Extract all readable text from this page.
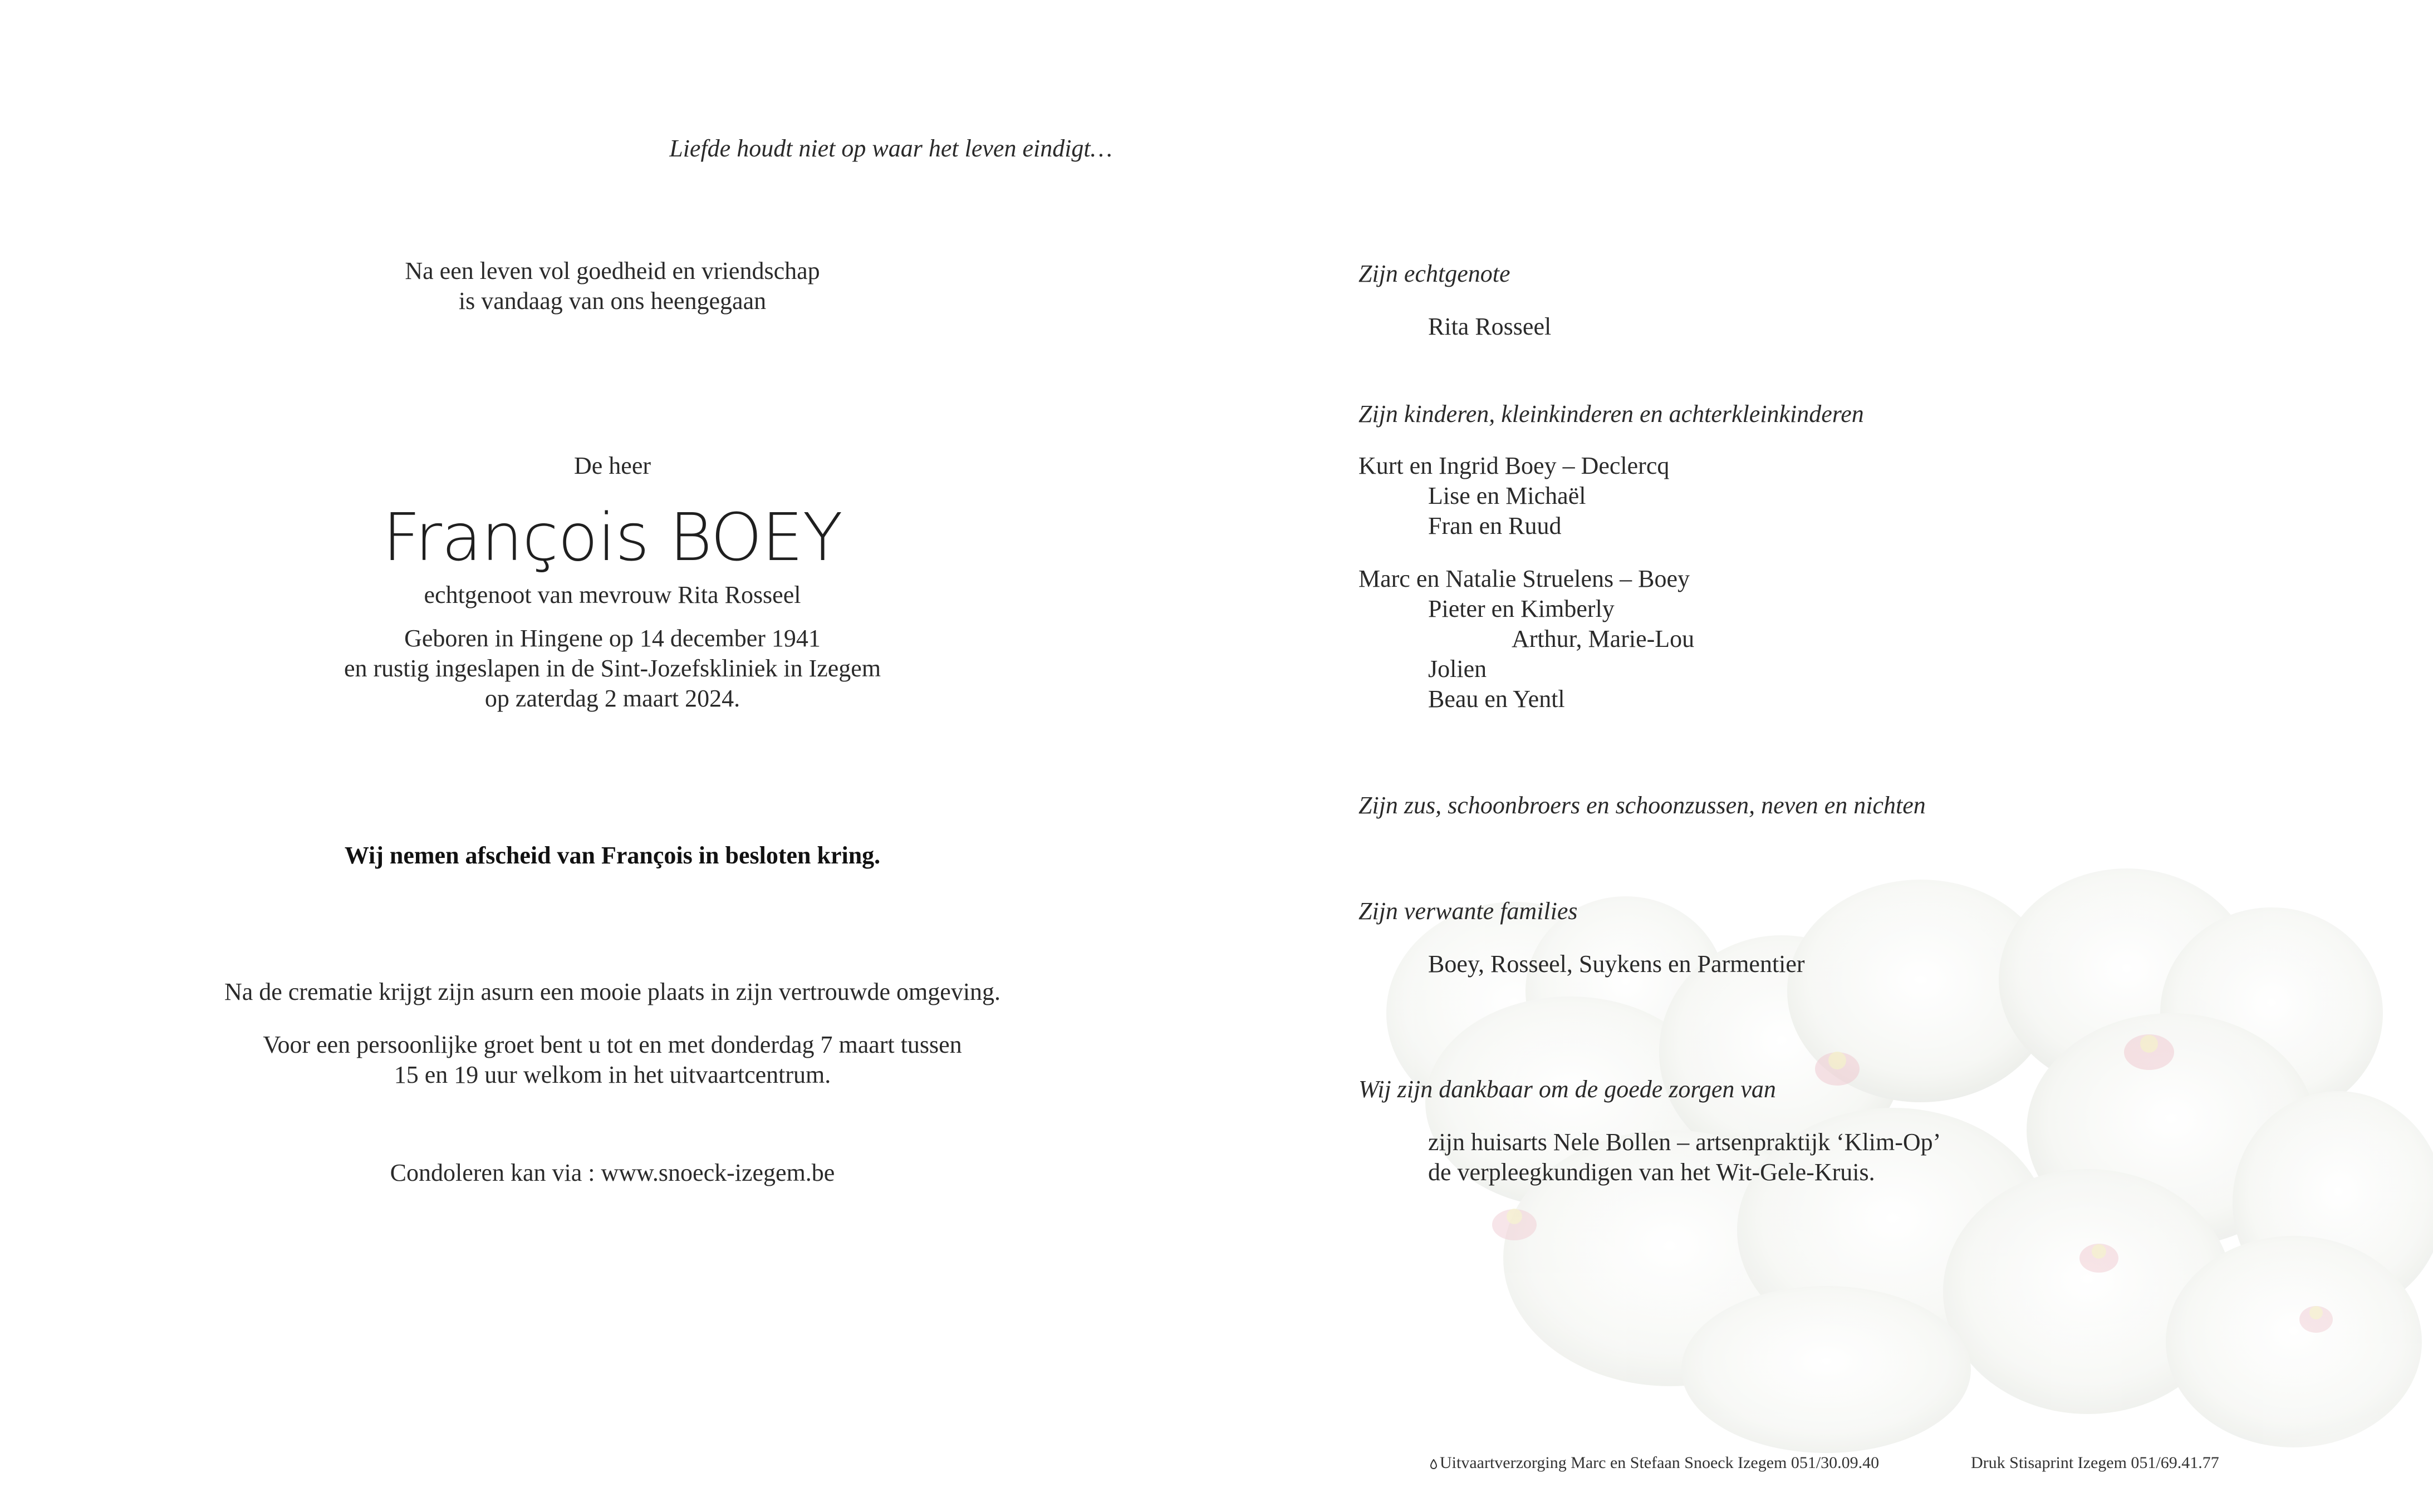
Liefde houdt niet op waar het leven eindigt…
Na een leven vol goedheid en vriendschap
is vandaag van ons heengegaan
De heer
François BOEY
echtgenoot van mevrouw Rita Rosseel
Geboren in Hingene op 14 december 1941
en rustig ingeslapen in de Sint-Jozefskliniek in Izegem
op zaterdag 2 maart 2024.
Wij nemen afscheid van François in besloten kring.
Na de crematie krijgt zijn asurn een mooie plaats in zijn vertrouwde omgeving.
Voor een persoonlijke groet bent u tot en met donderdag 7 maart tussen
15 en 19 uur welkom in het uitvaartcentrum.
Condoleren kan via : www.snoeck-izegem.be
Zijn echtgenote
Rita Rosseel
Zijn kinderen, kleinkinderen en achterkleinkinderen
Kurt en Ingrid Boey – Declercq
Lise en Michaël
Fran en Ruud
Marc en Natalie Struelens – Boey
Pieter en Kimberly
Arthur, Marie-Lou
Jolien
Beau en Yentl
Zijn zus, schoonbroers en schoonzussen, neven en nichten
Zijn verwante families
Boey, Rosseel, Suykens en Parmentier
Wij zijn dankbaar om de goede zorgen van
zijn huisarts Nele Bollen – artsenpraktijk ‘Klim-Op’
de verpleegkundigen van het Wit-Gele-Kruis.
Uitvaartverzorging Marc en Stefaan Snoeck Izegem 051/30.09.40	Druk Stisaprint Izegem 051/69.41.77
